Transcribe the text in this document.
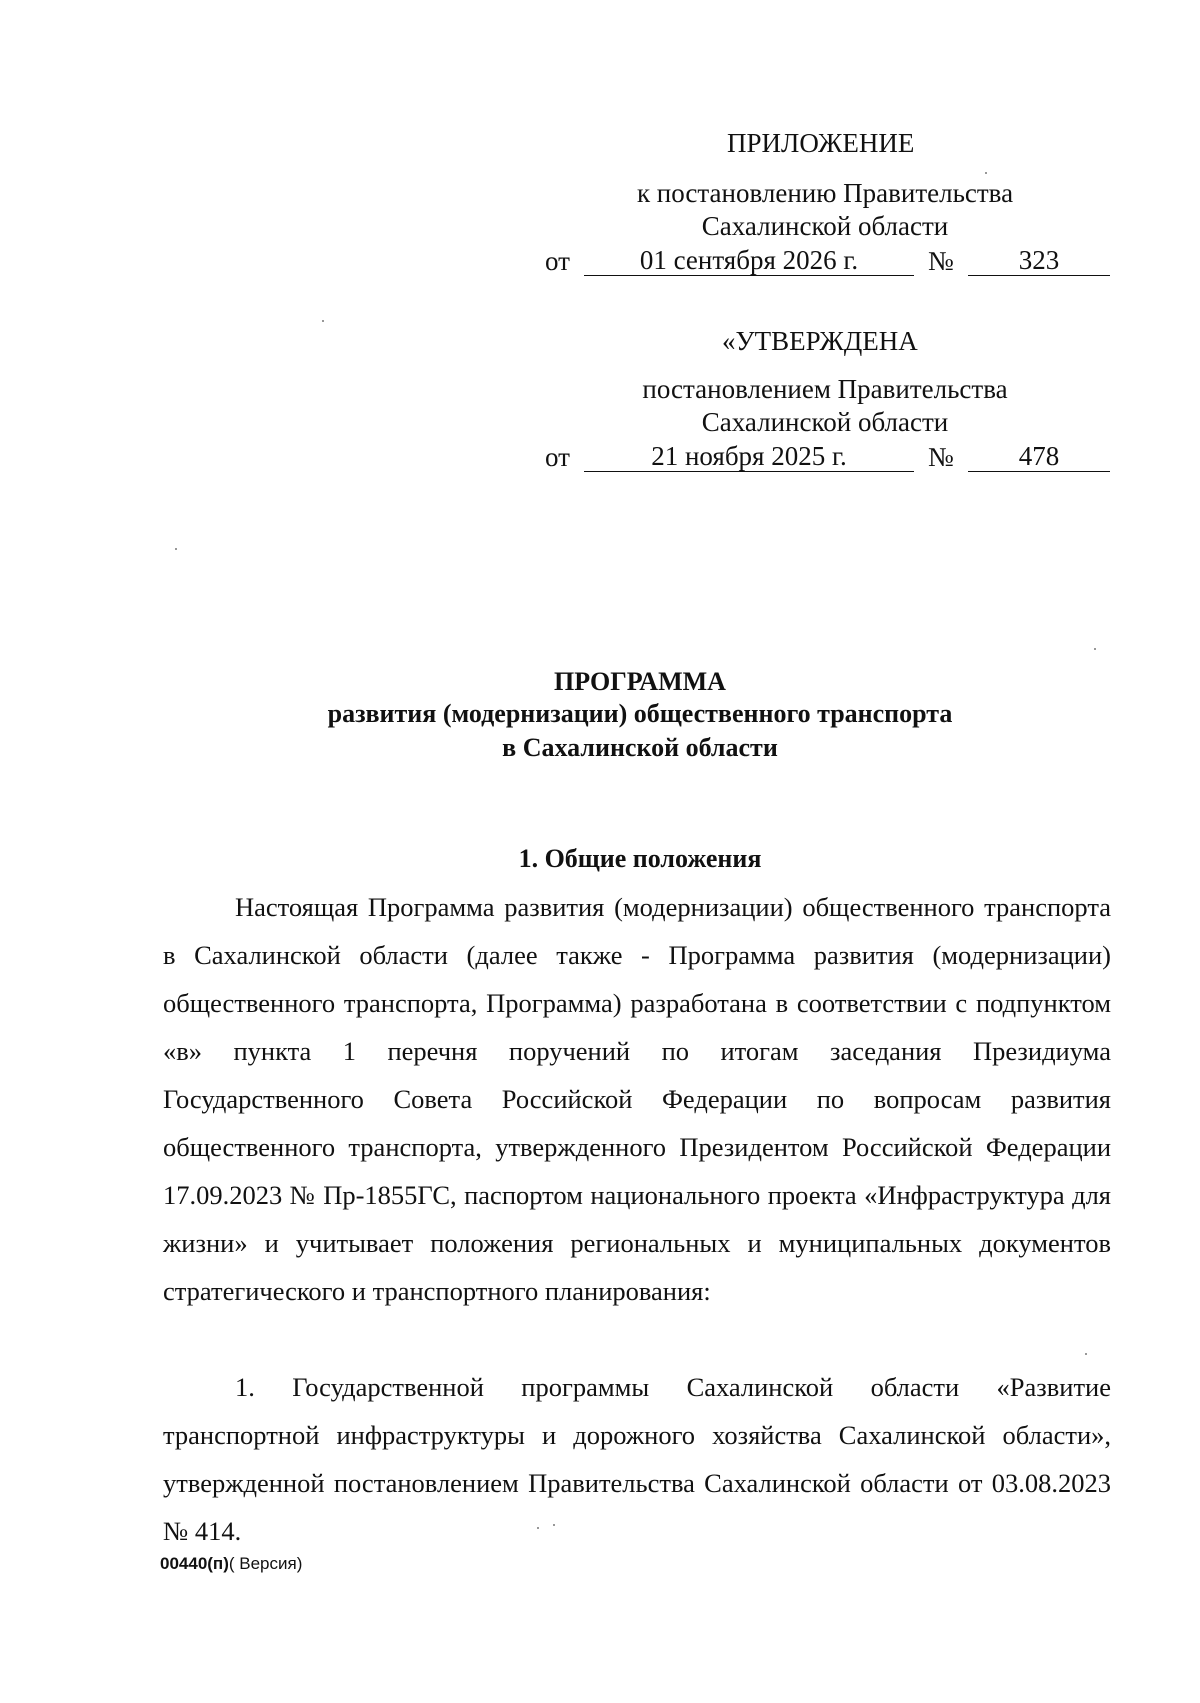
ПРИЛОЖЕНИЕ
к постановлению Правительства
Сахалинской области
от	01 сентября 2026 г.	№	323
«УТВЕРЖДЕНА
постановлением Правительства
Сахалинской области
от	21 ноября 2025 г.	№	478
ПРОГРАММА
развития (модернизации) общественного транспорта
в Сахалинской области
1. Общие положения
Настоящая Программа развития (модернизации) общественного транспорта в Сахалинской области (далее также - Программа развития (модернизации) общественного транспорта, Программа) разработана в соответствии с подпунктом «в» пункта 1 перечня поручений по итогам заседания Президиума Государственного Совета Российской Федерации по вопросам развития общественного транспорта, утвержденного Президентом Российской Федерации 17.09.2023 № Пр-1855ГС, паспортом национального проекта «Инфраструктура для жизни» и учитывает положения региональных и муниципальных документов стратегического и транспортного планирования:
1. Государственной программы Сахалинской области «Развитие транспортной инфраструктуры и дорожного хозяйства Сахалинской области», утвержденной постановлением Правительства Сахалинской области от 03.08.2023 № 414.
00440(п)( Версия)
